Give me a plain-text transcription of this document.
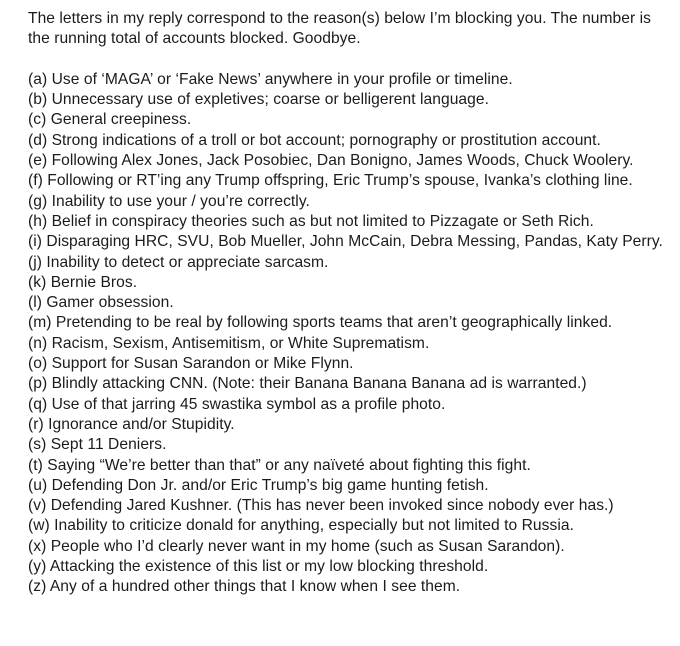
The letters in my reply correspond to the reason(s) below I’m blocking you. The number is the running total of accounts blocked. Goodbye.

(a) Use of ‘MAGA’ or ‘Fake News’ anywhere in your profile or timeline.
(b) Unnecessary use of expletives; coarse or belligerent language.
(c) General creepiness.
(d) Strong indications of a troll or bot account; pornography or prostitution account.
(e) Following Alex Jones, Jack Posobiec, Dan Bonigno, James Woods, Chuck Woolery.
(f) Following or RT’ing any Trump offspring, Eric Trump’s spouse, Ivanka’s clothing line.
(g) Inability to use your / you’re correctly.
(h) Belief in conspiracy theories such as but not limited to Pizzagate or Seth Rich.
(i) Disparaging HRC, SVU, Bob Mueller, John McCain, Debra Messing, Pandas, Katy Perry.
(j) Inability to detect or appreciate sarcasm.
(k) Bernie Bros.
(l) Gamer obsession.
(m) Pretending to be real by following sports teams that aren’t geographically linked.
(n) Racism, Sexism, Antisemitism, or White Suprematism.
(o) Support for Susan Sarandon or Mike Flynn.
(p) Blindly attacking CNN. (Note: their Banana Banana Banana ad is warranted.)
(q) Use of that jarring 45 swastika symbol as a profile photo.
(r) Ignorance and/or Stupidity.
(s) Sept 11 Deniers.
(t) Saying “We’re better than that” or any naïveté about fighting this fight.
(u) Defending Don Jr. and/or Eric Trump’s big game hunting fetish.
(v) Defending Jared Kushner. (This has never been invoked since nobody ever has.)
(w) Inability to criticize donald for anything, especially but not limited to Russia.
(x) People who I’d clearly never want in my home (such as Susan Sarandon).
(y) Attacking the existence of this list or my low blocking threshold.
(z) Any of a hundred other things that I know when I see them.
